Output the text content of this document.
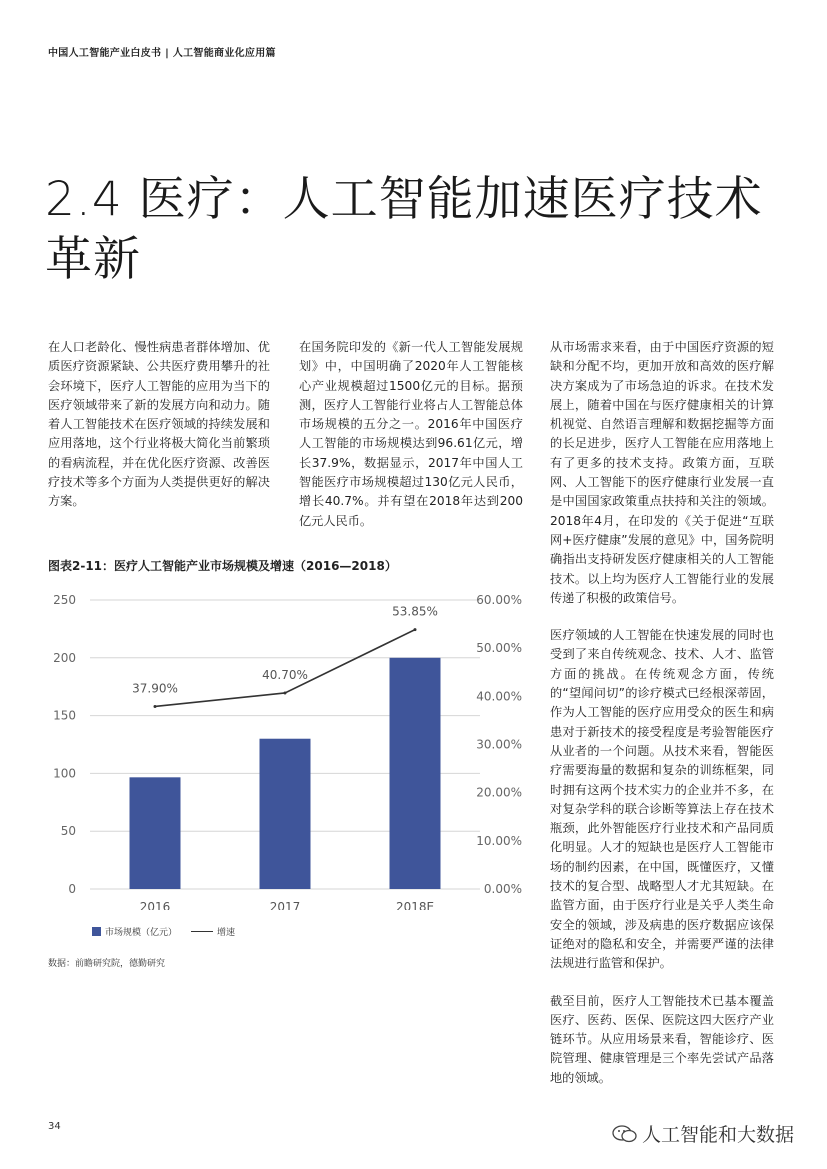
中国人工智能产业白皮书 | 人工智能商业化应用篇
2.4 医疗：人工智能加速医疗技术革新

在人口老龄化、慢性病患者群体增加、优质医疗资源紧缺、公共医疗费用攀升的社会环境下，医疗人工智能的应用为当下的医疗领域带来了新的发展方向和动力。随着人工智能技术在医疗领域的持续发展和应用落地，这个行业将极大简化当前繁琐的看病流程，并在优化医疗资源、改善医疗技术等多个方面为人类提供更好的解决方案。

在国务院印发的《新一代人工智能发展规划》中，中国明确了2020年人工智能核心产业规模超过1500亿元的目标。据预测，医疗人工智能行业将占人工智能总体市场规模的五分之一。2016年中国医疗人工智能的市场规模达到96.61亿元，增长37.9%，数据显示，2017年中国人工智能医疗市场规模超过130亿元人民币，增长40.7%。并有望在2018年达到200亿元人民币。

从市场需求来看，由于中国医疗资源的短缺和分配不均，更加开放和高效的医疗解决方案成为了市场急迫的诉求。在技术发展上，随着中国在与医疗健康相关的计算机视觉、自然语言理解和数据挖掘等方面的长足进步，医疗人工智能在应用落地上有了更多的技术支持。政策方面，互联网、人工智能下的医疗健康行业发展一直是中国国家政策重点扶持和关注的领域。2018年4月，在印发的《关于促进“互联网+医疗健康”发展的意见》中，国务院明确指出支持研发医疗健康相关的人工智能技术。以上均为医疗人工智能行业的发展传递了积极的政策信号。

医疗领域的人工智能在快速发展的同时也受到了来自传统观念、技术、人才、监管方面的挑战。在传统观念方面，传统的“望闻问切”的诊疗模式已经根深蒂固，作为人工智能的医疗应用受众的医生和病患对于新技术的接受程度是考验智能医疗从业者的一个问题。从技术来看，智能医疗需要海量的数据和复杂的训练框架，同时拥有这两个技术实力的企业并不多，在对复杂学科的联合诊断等算法上存在技术瓶颈，此外智能医疗行业技术和产品同质化明显。人才的短缺也是医疗人工智能市场的制约因素，在中国，既懂医疗，又懂技术的复合型、战略型人才尤其短缺。在监管方面，由于医疗行业是关乎人类生命安全的领域，涉及病患的医疗数据应该保证绝对的隐私和安全，并需要严谨的法律法规进行监管和保护。

截至目前，医疗人工智能技术已基本覆盖医疗、医药、医保、医院这四大医疗产业链环节。从应用场景来看，智能诊疗、医院管理、健康管理是三个率先尝试产品落地的领域。

图表2-11：医疗人工智能产业市场规模及增速（2016—2018）
0
50
100
150
200
250
0.00%
10.00%
20.00%
30.00%
40.00%
50.00%
60.00%
37.90%
40.70%
53.85%
2016	2017	2018E
市场规模（亿元）	增速
数据：前瞻研究院，德勤研究
34	人工智能和大数据
